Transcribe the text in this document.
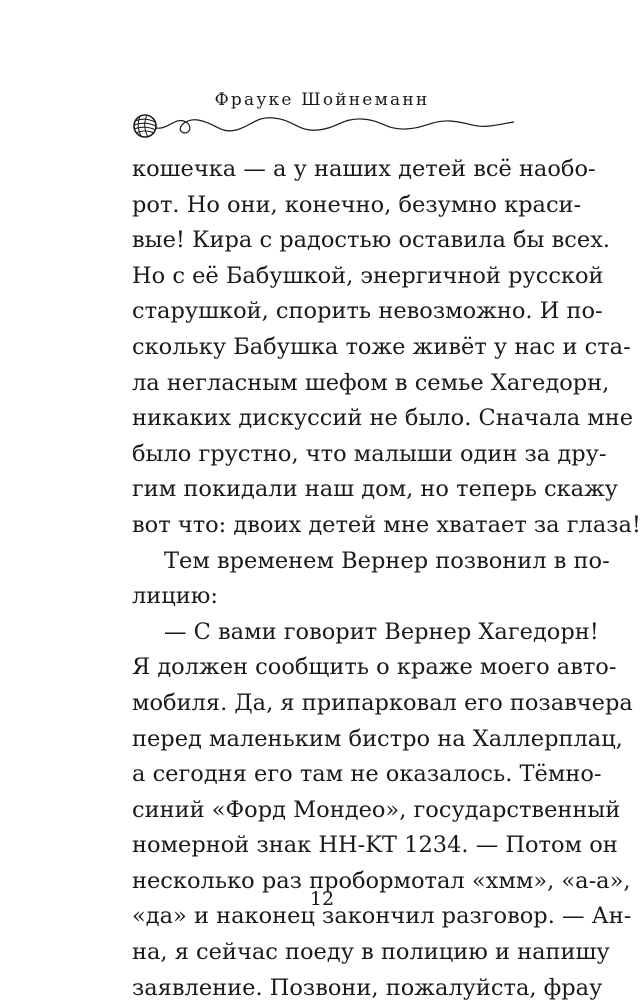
Фрауке Шойнеманн
кошечка — а у наших детей всё наобо-
рот. Но они, конечно, безумно краси-
вые! Кира с радостью оставила бы всех.
Но с её Бабушкой, энергичной русской
старушкой, спорить невозможно. И по-
скольку Бабушка тоже живёт у нас и ста-
ла негласным шефом в семье Хагедорн,
никаких дискуссий не было. Сначала мне
было грустно, что малыши один за дру-
гим покидали наш дом, но теперь скажу
вот что: двоих детей мне хватает за глаза!
Тем временем Вернер позвонил в по-
лицию:
— С вами говорит Вернер Хагедорн!
Я должен сообщить о краже моего авто-
мобиля. Да, я припарковал его позавчера
перед маленьким бистро на Халлерплац,
а сегодня его там не оказалось. Тёмно-
синий «Форд Мондео», государственный
номерной знак HH-KT 1234. — Потом он
несколько раз пробормотал «хмм», «а-а»,
«да» и наконец закончил разговор. — Ан-
на, я сейчас поеду в полицию и напишу
заявление. Позвони, пожалуйста, фрау
12
